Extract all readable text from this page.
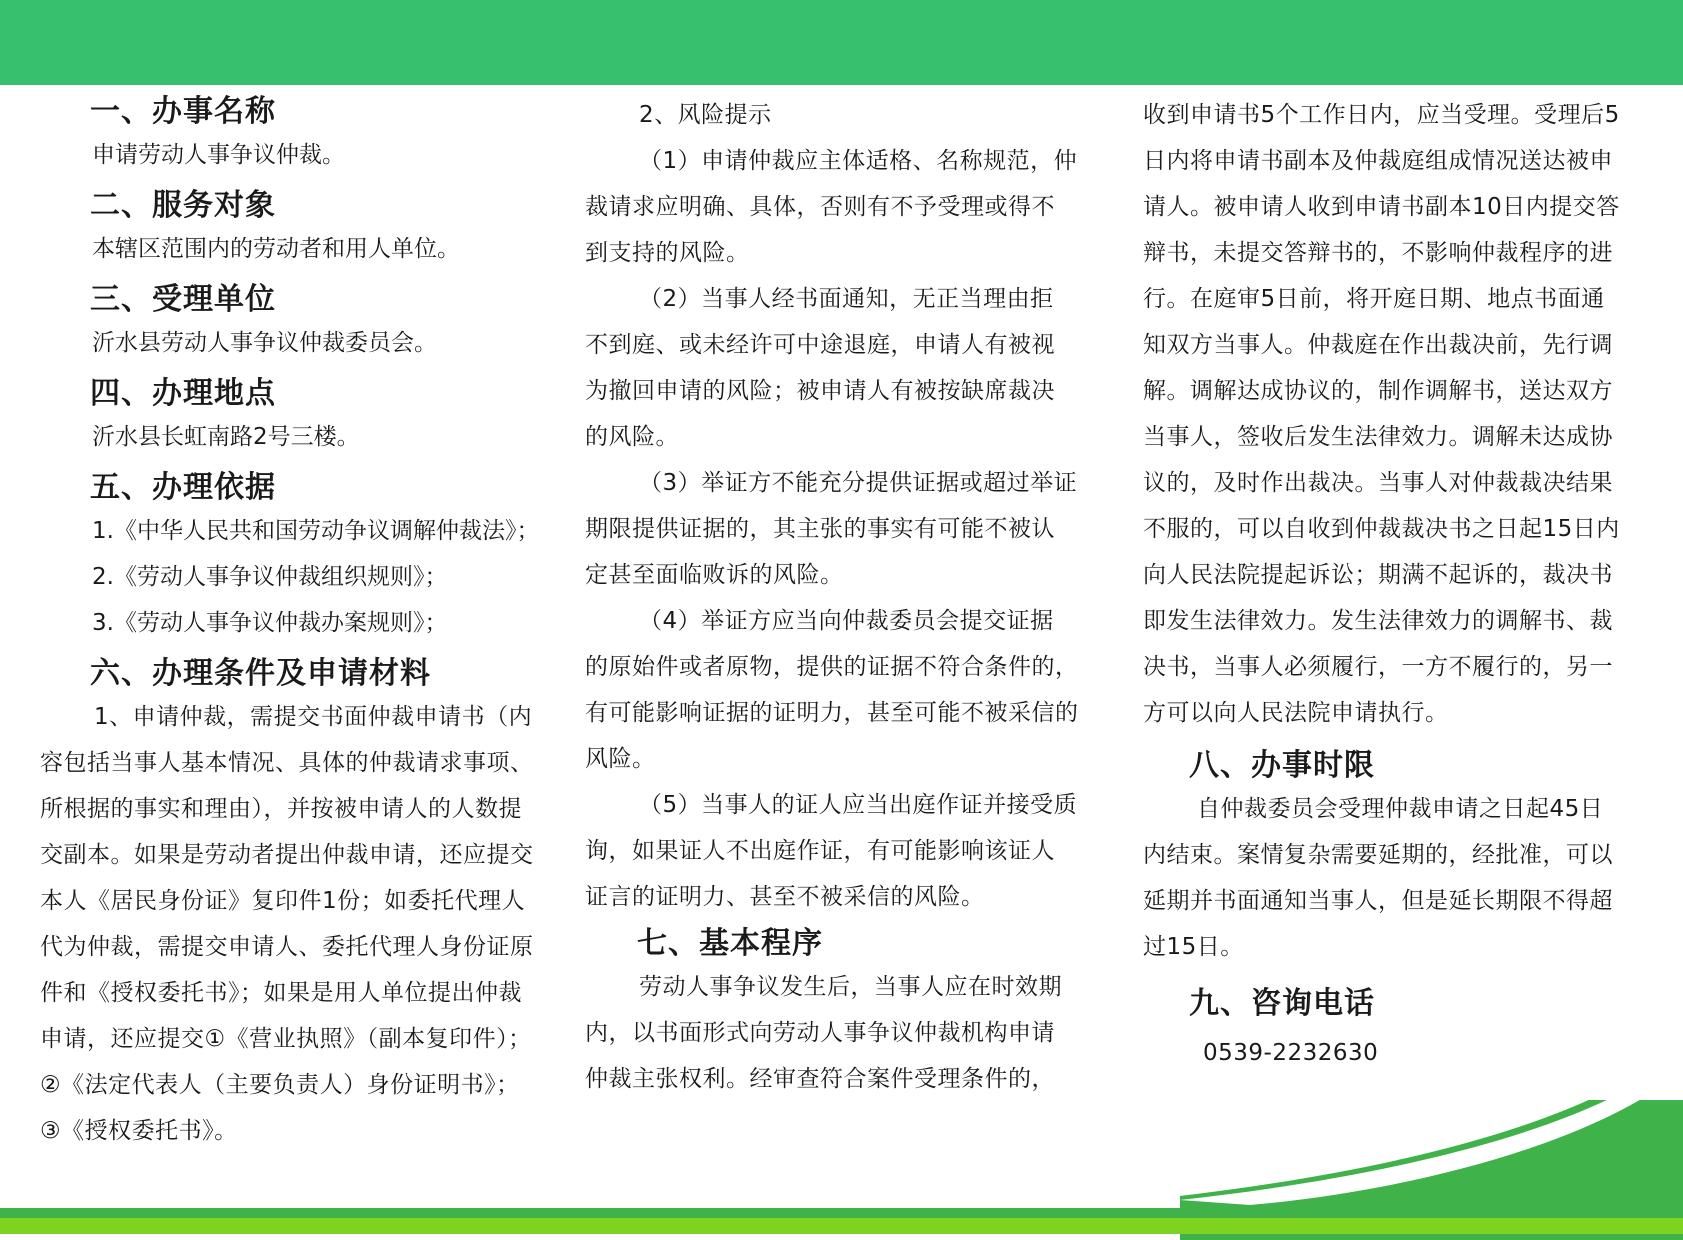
一、办事名称

申请劳动人事争议仲裁。

二、服务对象

本辖区范围内的劳动者和用人单位。

三、受理单位

沂水县劳动人事争议仲裁委员会。

四、办理地点

沂水县长虹南路2号三楼。

五、办理依据

1.《中华人民共和国劳动争议调解仲裁法》；

2.《劳动人事争议仲裁组织规则》；

3.《劳动人事争议仲裁办案规则》；

六、办理条件及申请材料

1、申请仲裁，需提交书面仲裁申请书（内

容包括当事人基本情况、具体的仲裁请求事项、

所根据的事实和理由），并按被申请人的人数提

交副本。如果是劳动者提出仲裁申请，还应提交

本人《居民身份证》复印件1份；如委托代理人

代为仲裁，需提交申请人、委托代理人身份证原

件和《授权委托书》；如果是用人单位提出仲裁

申请，还应提交①《营业执照》（副本复印件）；

②《法定代表人（主要负责人）身份证明书》；

③《授权委托书》。

2、风险提示

（1）申请仲裁应主体适格、名称规范，仲

裁请求应明确、具体，否则有不予受理或得不

到支持的风险。

（2）当事人经书面通知，无正当理由拒

不到庭、或未经许可中途退庭，申请人有被视

为撤回申请的风险；被申请人有被按缺席裁决

的风险。

（3）举证方不能充分提供证据或超过举证

期限提供证据的，其主张的事实有可能不被认

定甚至面临败诉的风险。

（4）举证方应当向仲裁委员会提交证据

的原始件或者原物，提供的证据不符合条件的，

有可能影响证据的证明力，甚至可能不被采信的

风险。

（5）当事人的证人应当出庭作证并接受质

询，如果证人不出庭作证，有可能影响该证人

证言的证明力、甚至不被采信的风险。

七、基本程序

劳动人事争议发生后，当事人应在时效期

内，以书面形式向劳动人事争议仲裁机构申请

仲裁主张权利。经审查符合案件受理条件的，

收到申请书5个工作日内，应当受理。受理后5

日内将申请书副本及仲裁庭组成情况送达被申

请人。被申请人收到申请书副本10日内提交答

辩书，未提交答辩书的，不影响仲裁程序的进

行。在庭审5日前，将开庭日期、地点书面通

知双方当事人。仲裁庭在作出裁决前，先行调

解。调解达成协议的，制作调解书，送达双方

当事人，签收后发生法律效力。调解未达成协

议的，及时作出裁决。当事人对仲裁裁决结果

不服的，可以自收到仲裁裁决书之日起15日内

向人民法院提起诉讼；期满不起诉的，裁决书

即发生法律效力。发生法律效力的调解书、裁

决书，当事人必须履行，一方不履行的，另一

方可以向人民法院申请执行。

八、办事时限

自仲裁委员会受理仲裁申请之日起45日

内结束。案情复杂需要延期的，经批准，可以

延期并书面通知当事人，但是延长期限不得超

过15日。

九、咨询电话

0539-2232630
